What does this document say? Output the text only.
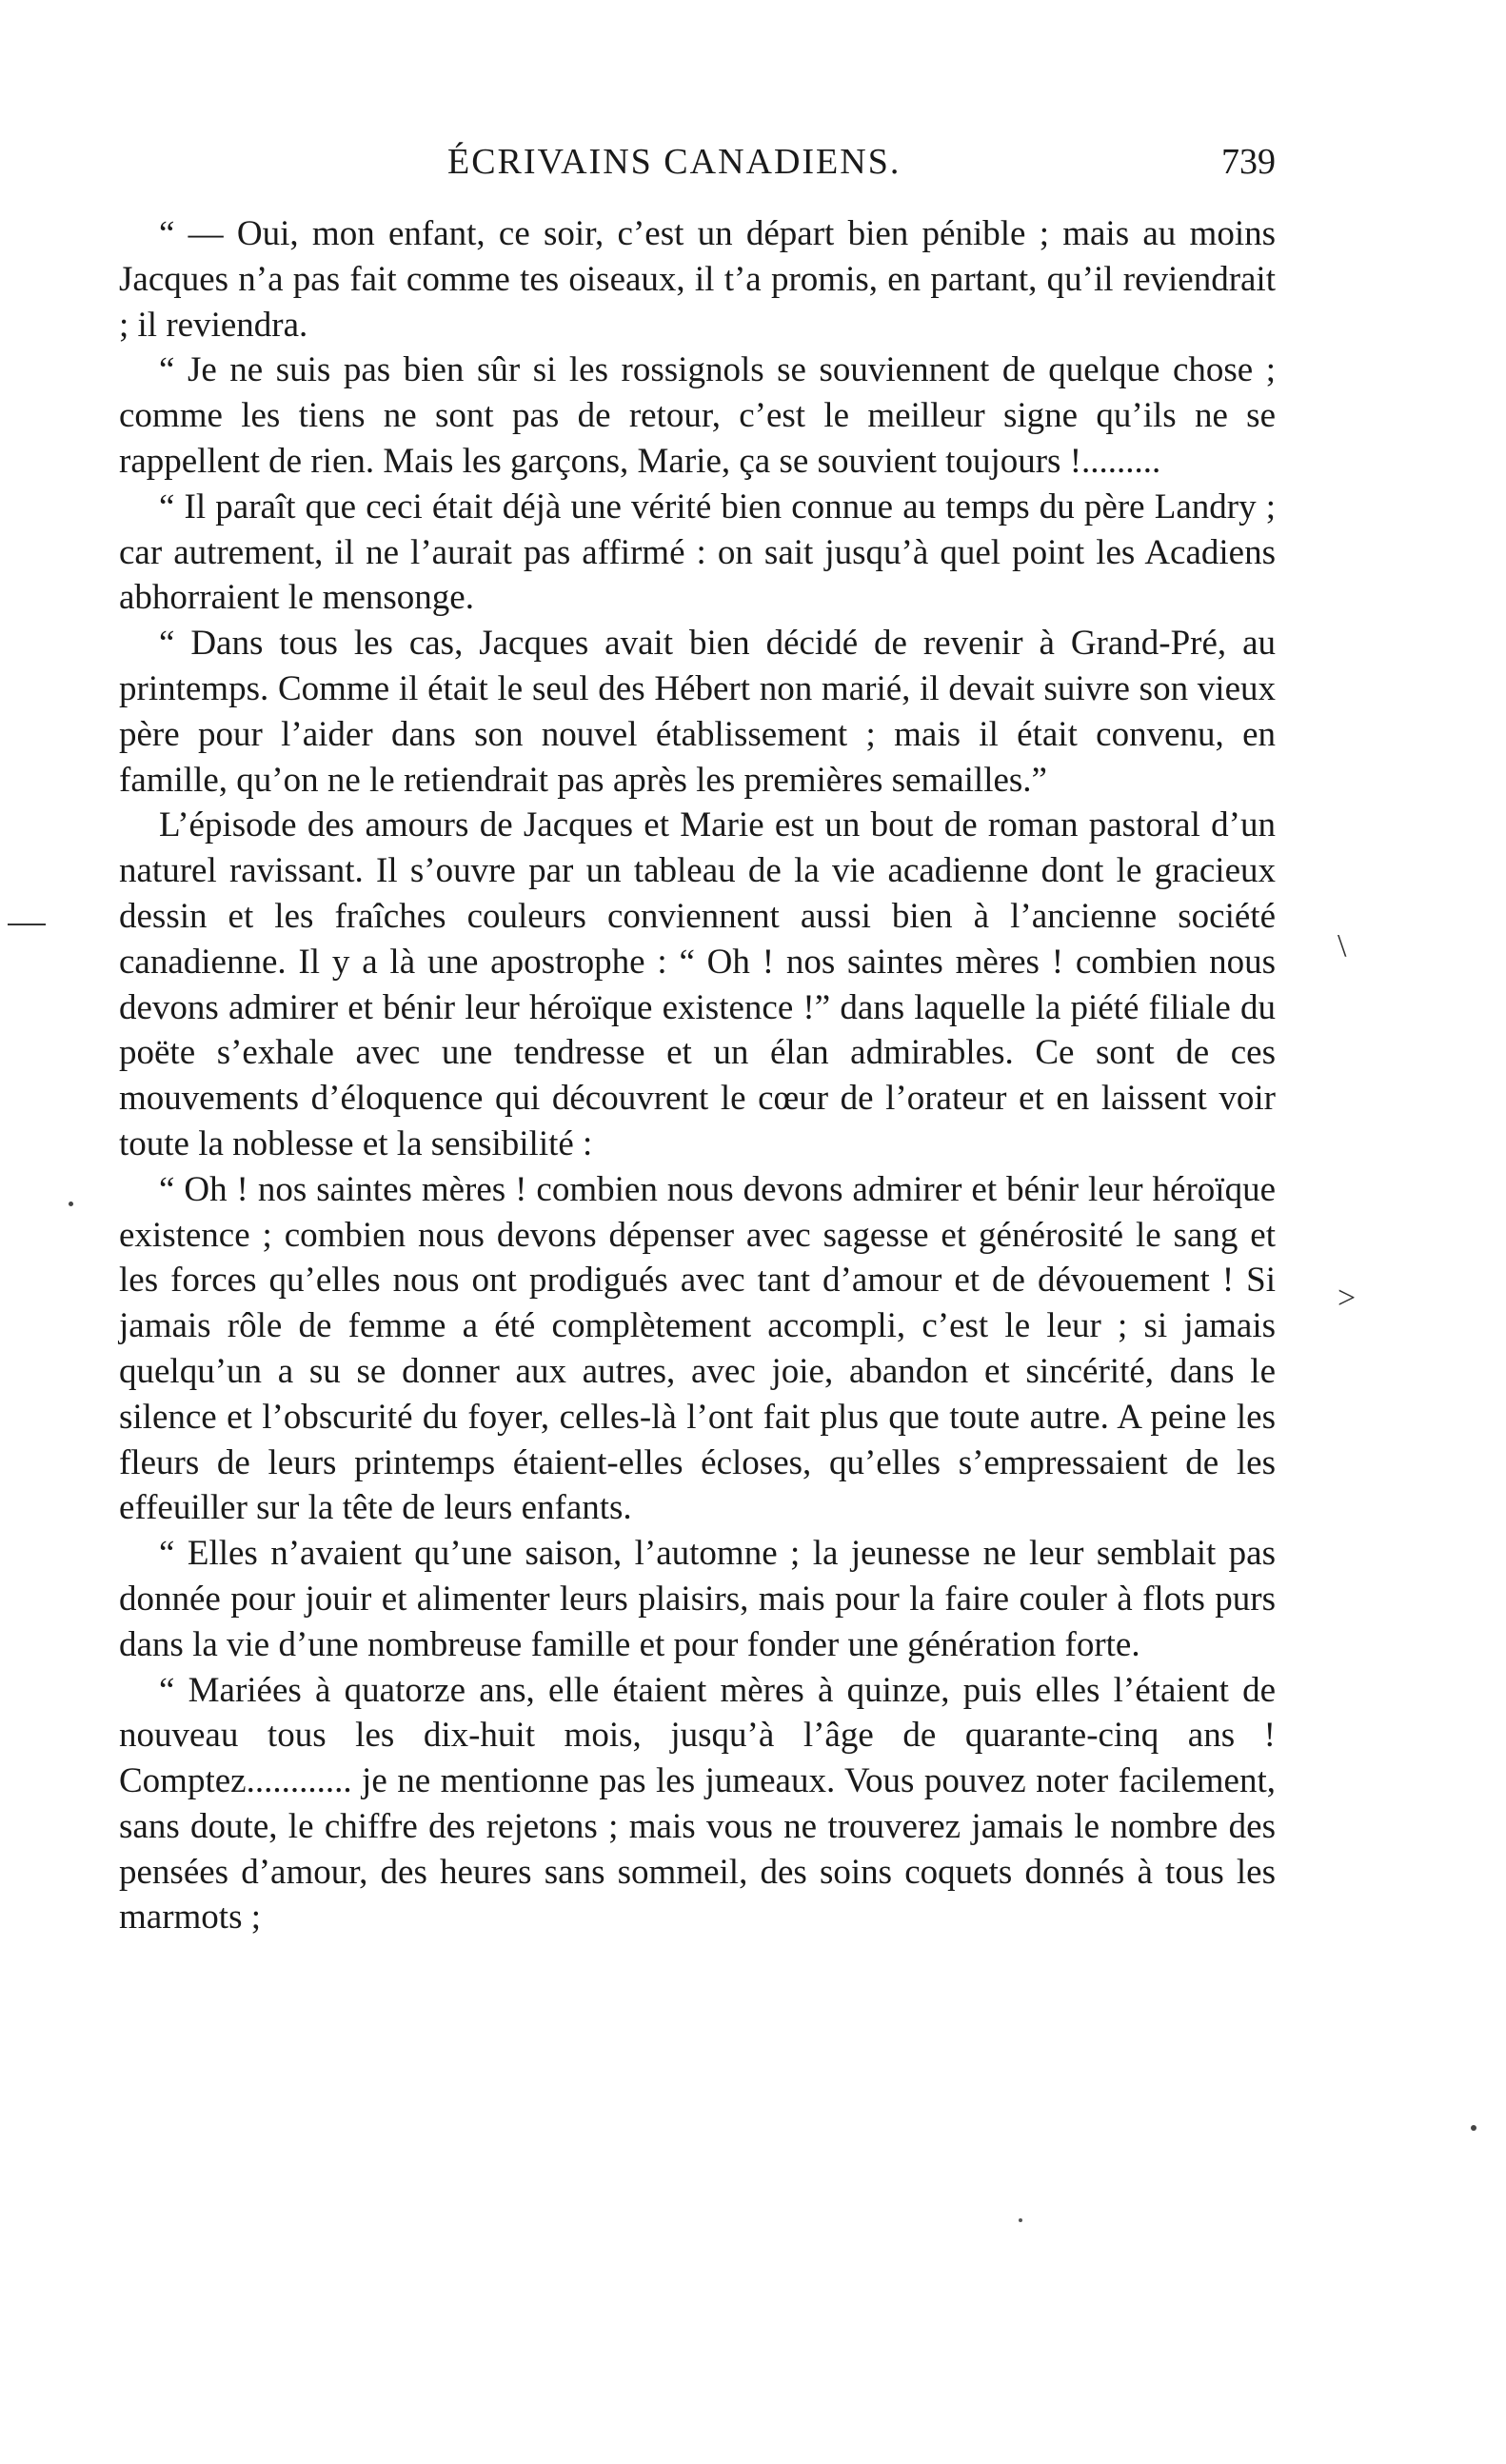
ÉCRIVAINS CANADIENS.	739

“ — Oui, mon enfant, ce soir, c’est un départ bien pénible ; mais au moins Jacques n’a pas fait comme tes oiseaux, il t’a promis, en partant, qu’il reviendrait ; il reviendra.

“ Je ne suis pas bien sûr si les rossignols se souviennent de quelque chose ; comme les tiens ne sont pas de retour, c’est le meilleur signe qu’ils ne se rappellent de rien. Mais les garçons, Marie, ça se souvient toujours !.........

“ Il paraît que ceci était déjà une vérité bien connue au temps du père Landry ; car autrement, il ne l’aurait pas affirmé : on sait jusqu’à quel point les Acadiens abhorraient le mensonge.

“ Dans tous les cas, Jacques avait bien décidé de revenir à Grand-Pré, au printemps. Comme il était le seul des Hébert non marié, il devait suivre son vieux père pour l’aider dans son nouvel établissement ; mais il était convenu, en famille, qu’on ne le retiendrait pas après les premières semailles.”

L’épisode des amours de Jacques et Marie est un bout de roman pastoral d’un naturel ravissant. Il s’ouvre par un tableau de la vie acadienne dont le gracieux dessin et les fraîches couleurs conviennent aussi bien à l’ancienne société canadienne. Il y a là une apostrophe : “ Oh ! nos saintes mères ! combien nous devons admirer et bénir leur héroïque existence !” dans laquelle la piété filiale du poëte s’exhale avec une tendresse et un élan admirables. Ce sont de ces mouvements d’éloquence qui découvrent le cœur de l’orateur et en laissent voir toute la noblesse et la sensibilité :

“ Oh ! nos saintes mères ! combien nous devons admirer et bénir leur héroïque existence ; combien nous devons dépenser avec sagesse et générosité le sang et les forces qu’elles nous ont prodigués avec tant d’amour et de dévouement ! Si jamais rôle de femme a été complètement accompli, c’est le leur ; si jamais quelqu’un a su se donner aux autres, avec joie, abandon et sincérité, dans le silence et l’obscurité du foyer, celles-là l’ont fait plus que toute autre. A peine les fleurs de leurs printemps étaient-elles écloses, qu’elles s’empressaient de les effeuiller sur la tête de leurs enfants.

“ Elles n’avaient qu’une saison, l’automne ; la jeunesse ne leur semblait pas donnée pour jouir et alimenter leurs plaisirs, mais pour la faire couler à flots purs dans la vie d’une nombreuse famille et pour fonder une génération forte.

“ Mariées à quatorze ans, elle étaient mères à quinze, puis elles l’étaient de nouveau tous les dix-huit mois, jusqu’à l’âge de quarante-cinq ans ! Comptez............ je ne mentionne pas les jumeaux. Vous pouvez noter facilement, sans doute, le chiffre des rejetons ; mais vous ne trouverez jamais le nombre des pensées d’amour, des heures sans sommeil, des soins coquets donnés à tous les marmots ;

\
>
